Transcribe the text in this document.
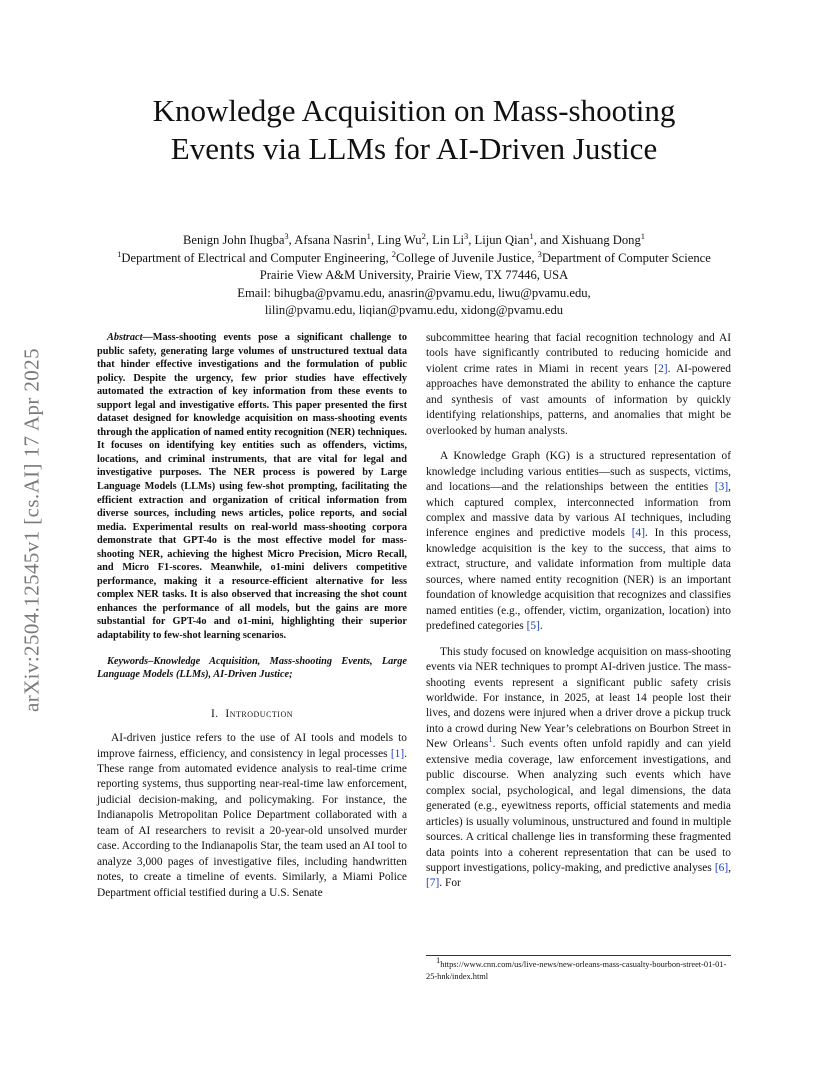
arXiv:2504.12545v1 [cs.AI] 17 Apr 2025
Knowledge Acquisition on Mass-shooting
Events via LLMs for AI-Driven Justice
Benign John Ihugba$^3$, Afsana Nasrin$^1$, Ling Wu$^2$, Lin Li$^3$, Lijun Qian$^1$, and Xishuang Dong$^1$
$^1$Department of Electrical and Computer Engineering, $^2$College of Juvenile Justice, $^3$Department of Computer Science
Prairie View A&M University, Prairie View, TX 77446, USA
Email: bihugba@pvamu.edu, anasrin@pvamu.edu, liwu@pvamu.edu,
lilin@pvamu.edu, liqian@pvamu.edu, xidong@pvamu.edu

Abstract—Mass-shooting events pose a significant challenge to public safety, generating large volumes of unstructured textual data that hinder effective investigations and the formulation of public policy. Despite the urgency, few prior studies have effectively automated the extraction of key information from these events to support legal and investigative efforts. This paper presented the first dataset designed for knowledge acquisition on mass-shooting events through the application of named entity recognition (NER) techniques. It focuses on identifying key entities such as offenders, victims, locations, and criminal instruments, that are vital for legal and investigative purposes. The NER process is powered by Large Language Models (LLMs) using few-shot prompting, facilitating the efficient extraction and organization of critical information from diverse sources, including news articles, police reports, and social media. Experimental results on real-world mass-shooting corpora demonstrate that GPT-4o is the most effective model for mass-shooting NER, achieving the highest Micro Precision, Micro Recall, and Micro F1-scores. Meanwhile, o1-mini delivers competitive performance, making it a resource-efficient alternative for less complex NER tasks. It is also observed that increasing the shot count enhances the performance of all models, but the gains are more substantial for GPT-4o and o1-mini, highlighting their superior adaptability to few-shot learning scenarios.

Keywords–Knowledge Acquisition, Mass-shooting Events, Large Language Models (LLMs), AI-Driven Justice;

I. Introduction

AI-driven justice refers to the use of AI tools and models to improve fairness, efficiency, and consistency in legal processes [1]. These range from automated evidence analysis to real-time crime reporting systems, thus supporting near-real-time law enforcement, judicial decision-making, and policymaking. For instance, the Indianapolis Metropolitan Police Department collaborated with a team of AI researchers to revisit a 20-year-old unsolved murder case. According to the Indianapolis Star, the team used an AI tool to analyze 3,000 pages of investigative files, including handwritten notes, to create a timeline of events. Similarly, a Miami Police Department official testified during a U.S. Senate

subcommittee hearing that facial recognition technology and AI tools have significantly contributed to reducing homicide and violent crime rates in Miami in recent years [2]. AI-powered approaches have demonstrated the ability to enhance the capture and synthesis of vast amounts of information by quickly identifying relationships, patterns, and anomalies that might be overlooked by human analysts.

A Knowledge Graph (KG) is a structured representation of knowledge including various entities—such as suspects, victims, and locations—and the relationships between the entities [3], which captured complex, interconnected information from complex and massive data by various AI techniques, including inference engines and predictive models [4]. In this process, knowledge acquisition is the key to the success, that aims to extract, structure, and validate information from multiple data sources, where named entity recognition (NER) is an important foundation of knowledge acquisition that recognizes and classifies named entities (e.g., offender, victim, organization, location) into predefined categories [5].

This study focused on knowledge acquisition on mass-shooting events via NER techniques to prompt AI-driven justice. The mass-shooting events represent a significant public safety crisis worldwide. For instance, in 2025, at least 14 people lost their lives, and dozens were injured when a driver drove a pickup truck into a crowd during New Year’s celebrations on Bourbon Street in New Orleans$^1$. Such events often unfold rapidly and can yield extensive media coverage, law enforcement investigations, and public discourse. When analyzing such events which have complex social, psychological, and legal dimensions, the data generated (e.g., eyewitness reports, official statements and media articles) is usually voluminous, unstructured and found in multiple sources. A critical challenge lies in transforming these fragmented data points into a coherent representation that can be used to support investigations, policy-making, and predictive analyses [6], [7]. For

$^1$https://www.cnn.com/us/live-news/new-orleans-mass-casualty-bourbon-street-01-01-25-hnk/index.html
